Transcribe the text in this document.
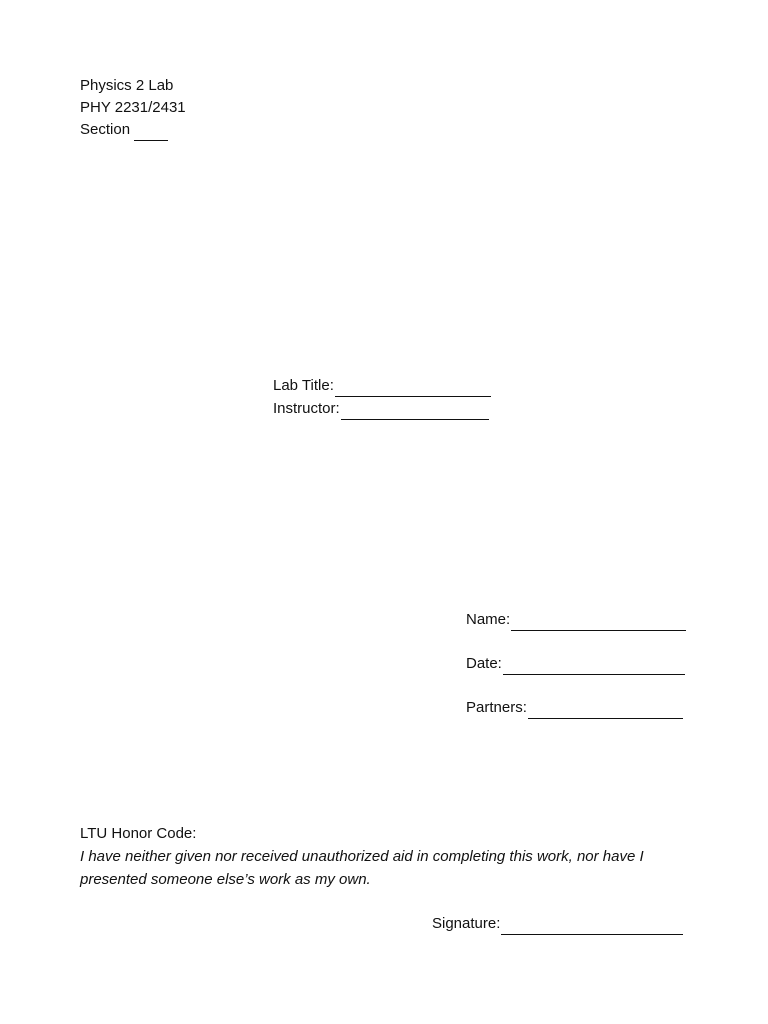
Physics 2 Lab
PHY 2231/2431
Section
Lab Title:
Instructor:
Name:
Date:
Partners:
LTU Honor Code:
I have neither given nor received unauthorized aid in completing this work, nor have I
presented someone else’s work as my own.
Signature:
